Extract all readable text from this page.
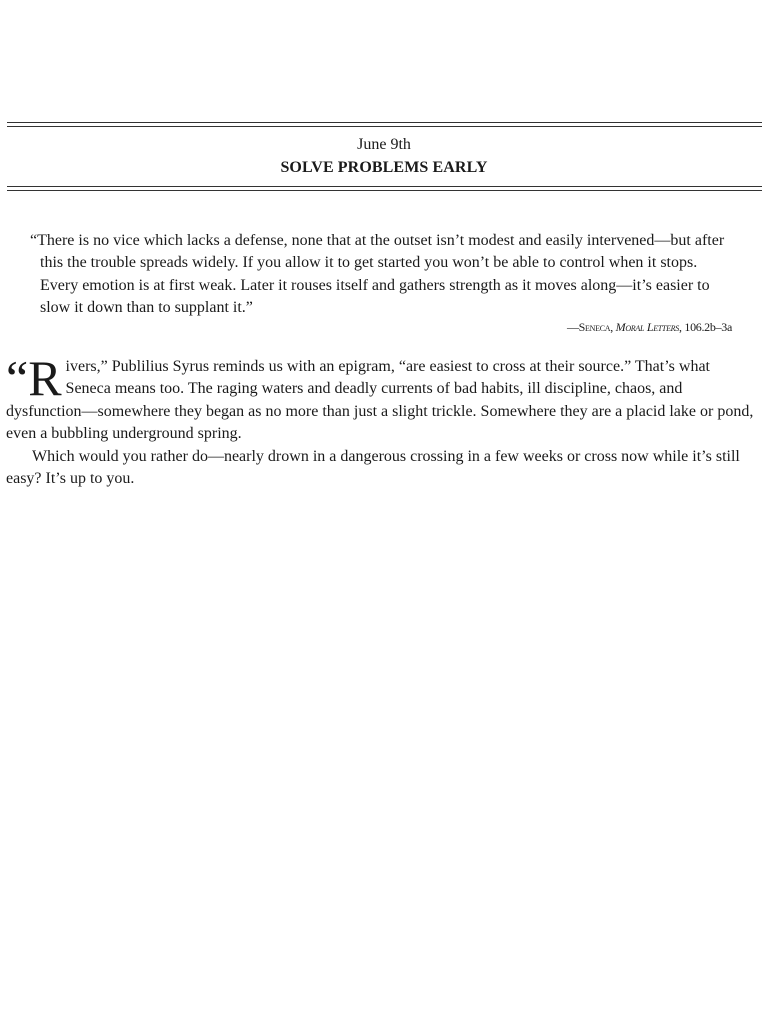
June 9th
SOLVE PROBLEMS EARLY
“There is no vice which lacks a defense, none that at the outset isn’t modest and easily intervened—but after this the trouble spreads widely. If you allow it to get started you won’t be able to control when it stops. Every emotion is at first weak. Later it rouses itself and gathers strength as it moves along—it’s easier to slow it down than to supplant it.”
—Seneca, Moral Letters, 106.2b–3a

“Rivers,” Publilius Syrus reminds us with an epigram, “are easiest to cross at their source.” That’s what Seneca means too. The raging waters and deadly currents of bad habits, ill discipline, chaos, and dysfunction—somewhere they began as no more than just a slight trickle. Somewhere they are a placid lake or pond, even a bubbling underground spring.

Which would you rather do—nearly drown in a dangerous crossing in a few weeks or cross now while it’s still easy? It’s up to you.
